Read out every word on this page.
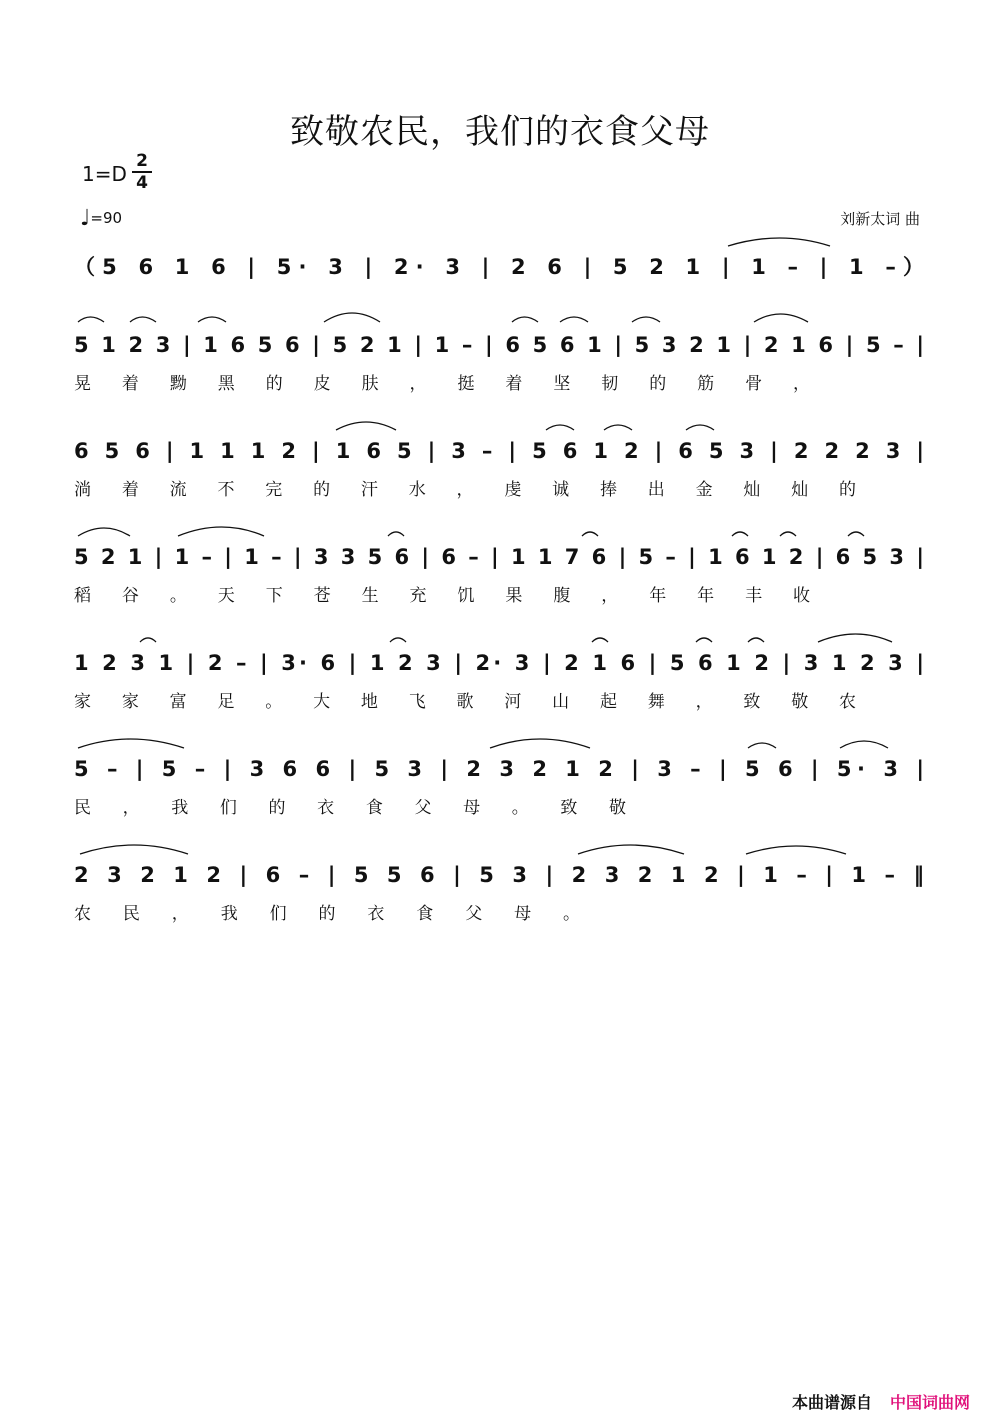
致敬农民，我们的衣食父母
1=D
2
4
♩=90	刘新太词 曲
（5 6 1 6 | 5· 3 | 2· 3 | 2 6 | 5 2 1 | 1 – | 1 –）
5 1 2 3 | 1 6 5 6 | 5 2 1 | 1 – | 6 5 6 1 | 5 3 2 1 | 2 1 6 | 5 – |
晃着黝黑的皮肤，挺着坚韧的筋骨，
6 5 6 | 1 1 1 2 | 1 6 5 | 3 – | 5 6 1 2 | 6 5 3 | 2 2 2 3 |
淌着流不完的汗水，虔诚捧出金灿灿的
5 2 1 | 1 – | 1 – | 3 3 5 6 | 6 – | 1 1 7 6 | 5 – | 1 6 1 2 | 6 5 3 |
稻谷。天下苍生充饥果腹，年年丰收
1 2 3 1 | 2 – | 3· 6 | 1 2 3 | 2· 3 | 2 1 6 | 5 6 1 2 | 3 1 2 3 |
家家富足。大地飞歌河山起舞，致敬农
5 – | 5 – | 3 6 6 | 5 3 | 2 3 2 1 2 | 3 – | 5 6 | 5· 3 |
民，我们的衣食父母。致敬
2 3 2 1 2 | 6 – | 5 5 6 | 5 3 | 2 3 2 1 2 | 1 – | 1 – ‖
农民，我们的衣食父母。
本曲谱源自 中国词曲网
